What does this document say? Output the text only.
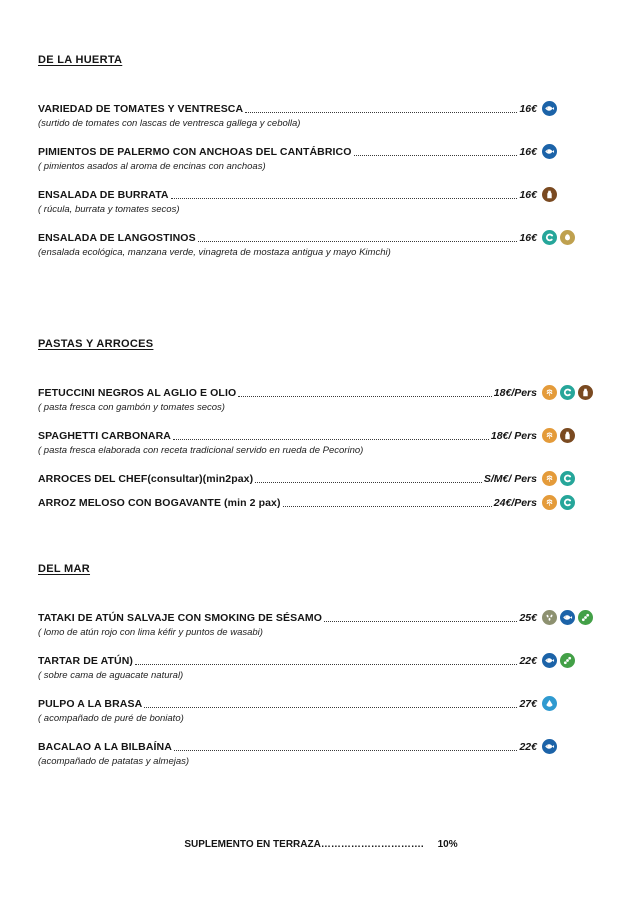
DE LA HUERTA
VARIEDAD DE TOMATES Y VENTRESCA	16€
(surtido de tomates con lascas de ventresca gallega y cebolla)
PIMIENTOS DE PALERMO CON ANCHOAS DEL CANTÁBRICO	16€
( pimientos asados al aroma de encinas con anchoas)
ENSALADA DE BURRATA	16€
( rúcula, burrata y tomates secos)
ENSALADA DE LANGOSTINOS	16€
(ensalada ecológica, manzana verde, vinagreta de mostaza antigua y mayo Kimchi)
PASTAS Y ARROCES
FETUCCINI NEGROS AL AGLIO E OLIO	18€/Pers
( pasta fresca con gambón y tomates secos)
SPAGHETTI CARBONARA	18€/ Pers
( pasta fresca elaborada con receta tradicional servido en rueda de Pecorino)
ARROCES DEL CHEF(consultar)(min2pax)	S/M€/ Pers
ARROZ MELOSO CON BOGAVANTE (min 2 pax)	24€/Pers
DEL MAR
TATAKI DE ATÚN SALVAJE CON SMOKING DE SÉSAMO	25€
( lomo de atún rojo con lima kéfir y puntos de wasabi)
TARTAR DE ATÚN)	22€
( sobre cama de aguacate natural)
PULPO A LA BRASA	27€
( acompañado de puré de boniato)
BACALAO A LA BILBAÍNA	22€
(acompañado de patatas y almejas)
SUPLEMENTO EN TERRAZA…………………………. 10%
